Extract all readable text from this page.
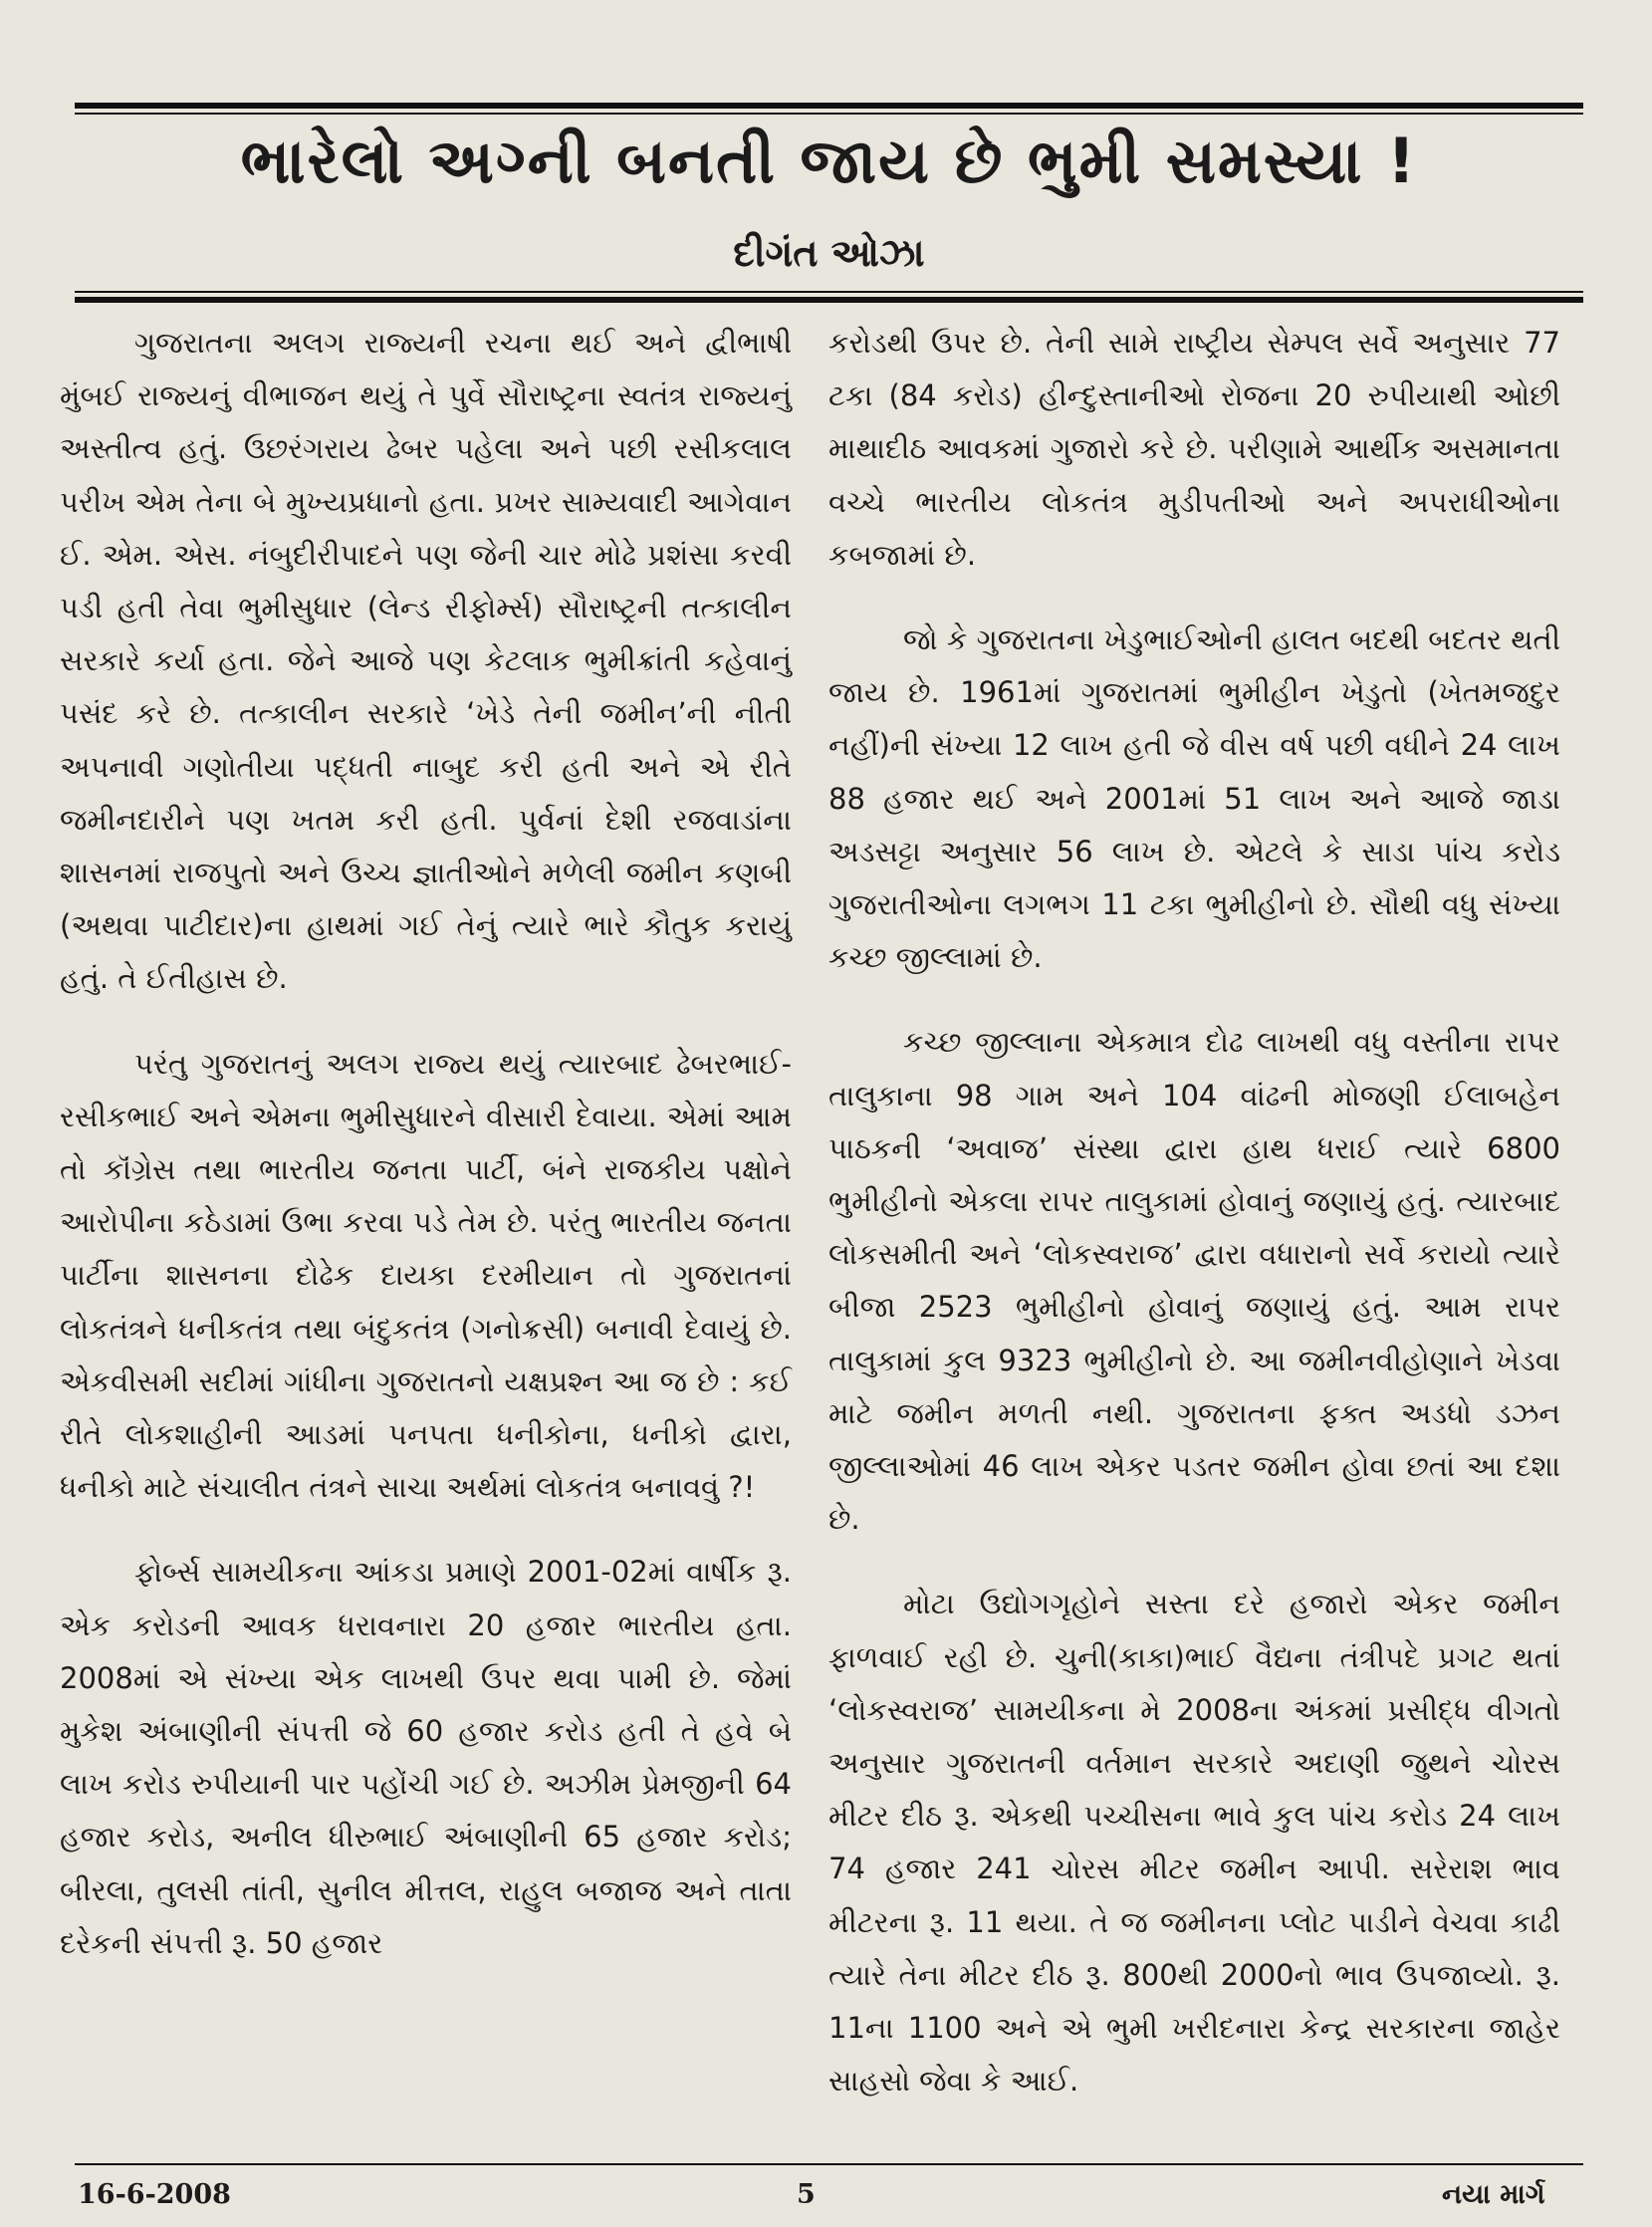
ભારેલો અગ્ની બનતી જાય છે ભુમી સમસ્યા !
દીગંત ઓઝા

ગુજરાતના અલગ રાજ્યની રચના થઈ અને દ્વીભાષી મુંબઈ રાજ્યનું વીભાજન થયું તે પુર્વે સૌરાષ્ટ્રના સ્વતંત્ર રાજ્યનું અસ્તીત્વ હતું. ઉછરંગરાય ઢેબર પહેલા અને પછી રસીકલાલ પરીખ એમ તેના બે મુખ્યપ્રધાનો હતા. પ્રખર સામ્યવાદી આગેવાન ઈ. એમ. એસ. નંબુદીરીપાદને પણ જેની ચાર મોઢે પ્રશંસા કરવી પડી હતી તેવા ભુમીસુધાર (લેન્ડ રીફોર્મ્સ) સૌરાષ્ટ્રની તત્કાલીન સરકારે કર્યા હતા. જેને આજે પણ કેટલાક ભુમીક્રાંતી કહેવાનું પસંદ કરે છે. તત્કાલીન સરકારે ‘ખેડે તેની જમીન’ની નીતી અપનાવી ગણોતીયા પદ્ધતી નાબુદ કરી હતી અને એ રીતે જમીનદારીને પણ ખતમ કરી હતી. પુર્વનાં દેશી રજવાડાંના શાસનમાં રાજપુતો અને ઉચ્ચ જ્ઞાતીઓને મળેલી જમીન કણબી (અથવા પાટીદાર)ના હાથમાં ગઈ તેનું ત્યારે ભારે કૌતુક કરાયું હતું. તે ઈતીહાસ છે.

પરંતુ ગુજરાતનું અલગ રાજ્ય થયું ત્યારબાદ ઢેબરભાઈ-રસીકભાઈ અને એમના ભુમીસુધારને વીસારી દેવાયા. એમાં આમ તો કૉંગ્રેસ તથા ભારતીય જનતા પાર્ટી, બંને રાજકીય પક્ષોને આરોપીના કઠેડામાં ઉભા કરવા પડે તેમ છે. પરંતુ ભારતીય જનતા પાર્ટીના શાસનના દોઢેક દાયકા દરમીયાન તો ગુજરાતનાં લોકતંત્રને ધનીકતંત્ર તથા બંદુકતંત્ર (ગનોક્રસી) બનાવી દેવાયું છે. એકવીસમી સદીમાં ગાંધીના ગુજરાતનો યક્ષપ્રશ્ન આ જ છે : કઈ રીતે લોકશાહીની આડમાં પનપતા ધનીકોના, ધનીકો દ્વારા, ધનીકો માટે સંચાલીત તંત્રને સાચા અર્થમાં લોકતંત્ર બનાવવું ?!

ફોર્બ્સ સામયીકના આંકડા પ્રમાણે 2001-02માં વાર્ષીક રૂ. એક કરોડની આવક ધરાવનારા 20 હજાર ભારતીય હતા. 2008માં એ સંખ્યા એક લાખથી ઉપર થવા પામી છે. જેમાં મુકેશ અંબાણીની સંપત્તી જે 60 હજાર કરોડ હતી તે હવે બે લાખ કરોડ રુપીયાની પાર પહોંચી ગઈ છે. અઝીમ પ્રેમજીની 64 હજાર કરોડ, અનીલ ધીરુભાઈ અંબાણીની 65 હજાર કરોડ; બીરલા, તુલસી તાંતી, સુનીલ મીત્તલ, રાહુલ બજાજ અને તાતા દરેકની સંપત્તી રૂ. 50 હજાર

કરોડથી ઉપર છે. તેની સામે રાષ્ટ્રીય સેમ્પલ સર્વે અનુસાર 77 ટકા (84 કરોડ) હીન્દુસ્તાનીઓ રોજના 20 રુપીયાથી ઓછી માથાદીઠ આવકમાં ગુજારો કરે છે. પરીણામે આર્થીક અસમાનતા વચ્ચે ભારતીય લોકતંત્ર મુડીપતીઓ અને અપરાધીઓના કબજામાં છે.

જો કે ગુજરાતના ખેડુભાઈઓની હાલત બદથી બદતર થતી જાય છે. 1961માં ગુજરાતમાં ભુમીહીન ખેડુતો (ખેતમજદુર નહીં)ની સંખ્યા 12 લાખ હતી જે વીસ વર્ષ પછી વધીને 24 લાખ 88 હજાર થઈ અને 2001માં 51 લાખ અને આજે જાડા અડસટ્ટા અનુસાર 56 લાખ છે. એટલે કે સાડા પાંચ કરોડ ગુજરાતીઓના લગભગ 11 ટકા ભુમીહીનો છે. સૌથી વધુ સંખ્યા કચ્છ જીલ્લામાં છે.

કચ્છ જીલ્લાના એકમાત્ર દોઢ લાખથી વધુ વસ્તીના રાપર તાલુકાના 98 ગામ અને 104 વાંઢની મોજણી ઈલાબહેન પાઠકની ‘અવાજ’ સંસ્થા દ્વારા હાથ ધરાઈ ત્યારે 6800 ભુમીહીનો એકલા રાપર તાલુકામાં હોવાનું જણાયું હતું. ત્યારબાદ લોકસમીતી અને ‘લોકસ્વરાજ’ દ્વારા વધારાનો સર્વે કરાયો ત્યારે બીજા 2523 ભુમીહીનો હોવાનું જણાયું હતું. આમ રાપર તાલુકામાં કુલ 9323 ભુમીહીનો છે. આ જમીનવીહોણાને ખેડવા માટે જમીન મળતી નથી. ગુજરાતના ફક્ત અડધો ડઝન જીલ્લાઓમાં 46 લાખ એકર પડતર જમીન હોવા છતાં આ દશા છે.

મોટા ઉદ્યોગગૃહોને સસ્તા દરે હજારો એકર જમીન ફાળવાઈ રહી છે. ચુની(કાકા)ભાઈ વૈદ્યના તંત્રીપદે પ્રગટ થતાં ‘લોકસ્વરાજ’ સામયીકના મે 2008ના અંકમાં પ્રસીદ્ધ વીગતો અનુસાર ગુજરાતની વર્તમાન સરકારે અદાણી જુથને ચોરસ મીટર દીઠ રૂ. એકથી પચ્ચીસના ભાવે કુલ પાંચ કરોડ 24 લાખ 74 હજાર 241 ચોરસ મીટર જમીન આપી. સરેરાશ ભાવ મીટરના રૂ. 11 થયા. તે જ જમીનના પ્લોટ પાડીને વેચવા કાઢી ત્યારે તેના મીટર દીઠ રૂ. 800થી 2000નો ભાવ ઉપજાવ્યો. રૂ. 11ના 1100 અને એ ભુમી ખરીદનારા કેન્દ્ર સરકારના જાહેર સાહસો જેવા કે આઈ.

16-6-2008	5	નયા માર્ગ
